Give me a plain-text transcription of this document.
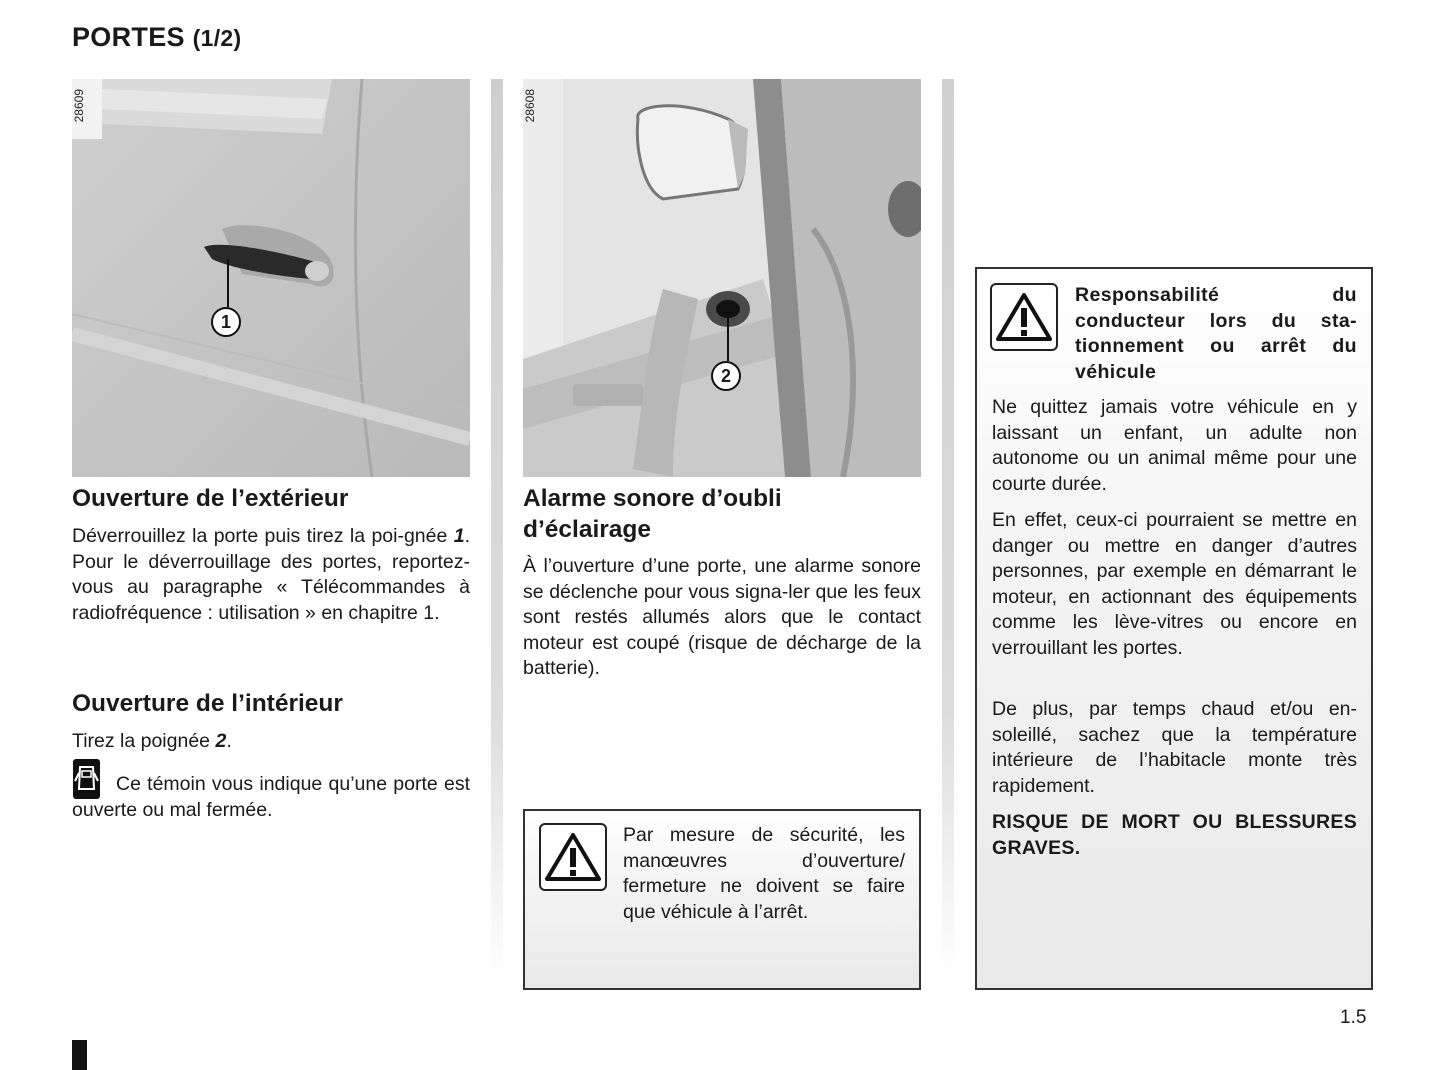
PORTES (1/2)
28609
1
Ouverture de l’extérieur

Déverrouillez la porte puis tirez la poi-gnée 1. Pour le déverrouillage des portes, reportez-vous au paragraphe « Télécommandes à radiofréquence : utilisation » en chapitre 1.

Ouverture de l’intérieur

Tirez la poignée 2.

Ce témoin vous indique qu’une porte est ouverte ou mal fermée.

28608
2
Alarme sonore d’oubli d’éclairage

À l’ouverture d’une porte, une alarme sonore se déclenche pour vous signa-ler que les feux sont restés allumés alors que le contact moteur est coupé (risque de décharge de la batterie).

Par mesure de sécurité, les manœuvres d’ouverture/ fermeture ne doivent se faire que véhicule à l’arrêt.

Responsabilité du conducteur lors du sta-tionnement ou arrêt du véhicule

Ne quittez jamais votre véhicule en y laissant un enfant, un adulte non autonome ou un animal même pour une courte durée.

En effet, ceux-ci pourraient se mettre en danger ou mettre en danger d’autres personnes, par exemple en démarrant le moteur, en actionnant des équipements comme les lève-vitres ou encore en verrouillant les portes.

De plus, par temps chaud et/ou en-soleillé, sachez que la température intérieure de l’habitacle monte très rapidement.

RISQUE DE MORT OU BLESSURES GRAVES.

1.5
